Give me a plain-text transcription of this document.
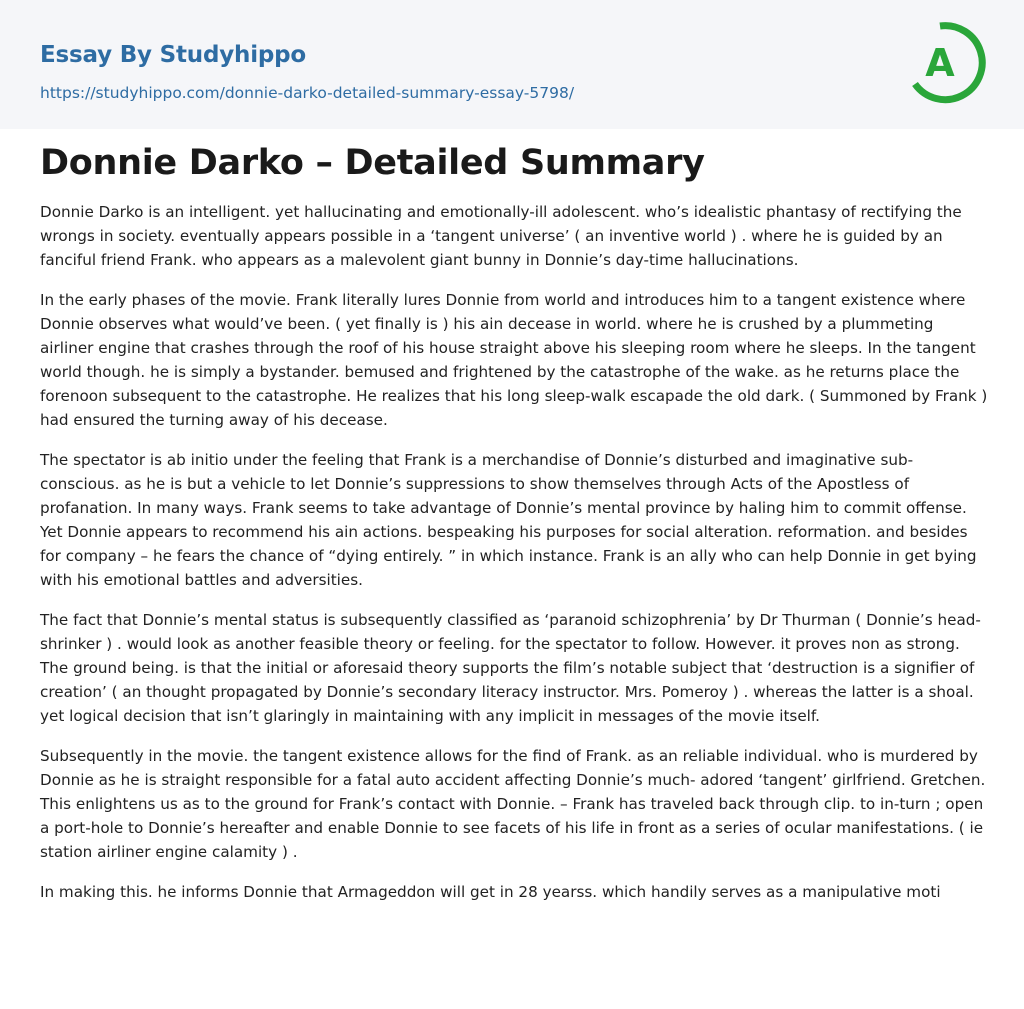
Essay By Studyhippo
https://studyhippo.com/donnie-darko-detailed-summary-essay-5798/
A
Donnie Darko – Detailed Summary

Donnie Darko is an intelligent. yet hallucinating and emotionally-ill adolescent. who’s idealistic phantasy of rectifying the wrongs in society. eventually appears possible in a ‘tangent universe’ ( an inventive world ) . where he is guided by an fanciful friend Frank. who appears as a malevolent giant bunny in Donnie’s day-time hallucinations.

In the early phases of the movie. Frank literally lures Donnie from world and introduces him to a tangent existence where Donnie observes what would’ve been. ( yet finally is ) his ain decease in world. where he is crushed by a plummeting airliner engine that crashes through the roof of his house straight above his sleeping room where he sleeps. In the tangent world though. he is simply a bystander. bemused and frightened by the catastrophe of the wake. as he returns place the forenoon subsequent to the catastrophe. He realizes that his long sleep-walk escapade the old dark. ( Summoned by Frank ) had ensured the turning away of his decease.

The spectator is ab initio under the feeling that Frank is a merchandise of Donnie’s disturbed and imaginative sub-conscious. as he is but a vehicle to let Donnie’s suppressions to show themselves through Acts of the Apostless of profanation. In many ways. Frank seems to take advantage of Donnie’s mental province by haling him to commit offense. Yet Donnie appears to recommend his ain actions. bespeaking his purposes for social alteration. reformation. and besides for company – he fears the chance of “dying entirely. ” in which instance. Frank is an ally who can help Donnie in get bying with his emotional battles and adversities.

The fact that Donnie’s mental status is subsequently classified as ‘paranoid schizophrenia’ by Dr Thurman ( Donnie’s head-shrinker ) . would look as another feasible theory or feeling. for the spectator to follow. However. it proves non as strong. The ground being. is that the initial or aforesaid theory supports the film’s notable subject that ‘destruction is a signifier of creation’ ( an thought propagated by Donnie’s secondary literacy instructor. Mrs. Pomeroy ) . whereas the latter is a shoal. yet logical decision that isn’t glaringly in maintaining with any implicit in messages of the movie itself.

Subsequently in the movie. the tangent existence allows for the find of Frank. as an reliable individual. who is murdered by Donnie as he is straight responsible for a fatal auto accident affecting Donnie’s much- adored ‘tangent’ girlfriend. Gretchen. This enlightens us as to the ground for Frank’s contact with Donnie. – Frank has traveled back through clip. to in-turn ; open a port-hole to Donnie’s hereafter and enable Donnie to see facets of his life in front as a series of ocular manifestations. ( ie station airliner engine calamity ) .

In making this. he informs Donnie that Armageddon will get in 28 yearss. which handily serves as a manipulative moti
